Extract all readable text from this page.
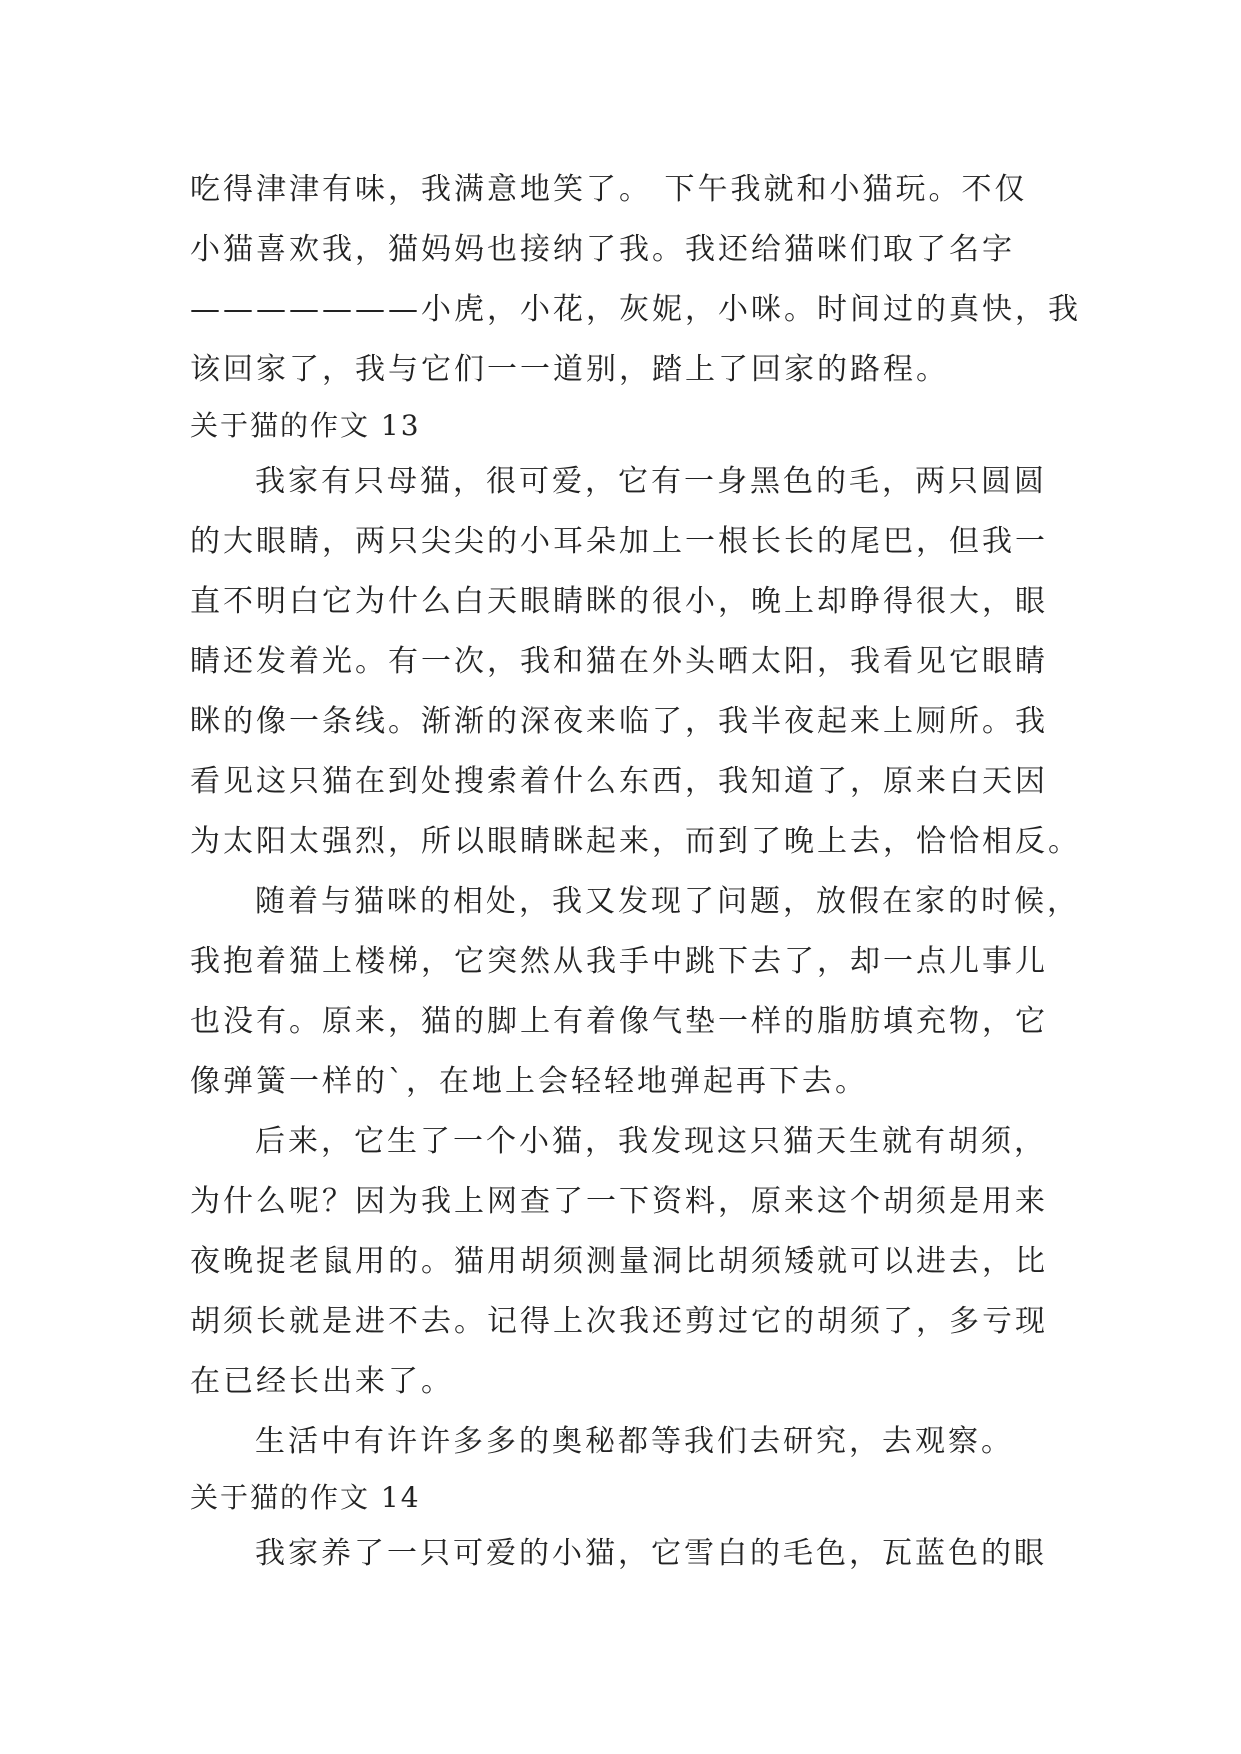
吃得津津有味，我满意地笑了。 下午我就和小猫玩。不仅
小猫喜欢我，猫妈妈也接纳了我。我还给猫咪们取了名字
———————小虎，小花，灰妮，小咪。时间过的真快，我
该回家了，我与它们一一道别，踏上了回家的路程。
关于猫的作文 13
我家有只母猫，很可爱，它有一身黑色的毛，两只圆圆
的大眼睛，两只尖尖的小耳朵加上一根长长的尾巴，但我一
直不明白它为什么白天眼睛眯的很小，晚上却睁得很大，眼
睛还发着光。有一次，我和猫在外头晒太阳，我看见它眼睛
眯的像一条线。渐渐的深夜来临了，我半夜起来上厕所。我
看见这只猫在到处搜索着什么东西，我知道了，原来白天因
为太阳太强烈，所以眼睛眯起来，而到了晚上去，恰恰相反。
随着与猫咪的相处，我又发现了问题，放假在家的时候，
我抱着猫上楼梯，它突然从我手中跳下去了，却一点儿事儿
也没有。原来，猫的脚上有着像气垫一样的脂肪填充物，它
像弹簧一样的`，在地上会轻轻地弹起再下去。
后来，它生了一个小猫，我发现这只猫天生就有胡须，
为什么呢？因为我上网查了一下资料，原来这个胡须是用来
夜晚捉老鼠用的。猫用胡须测量洞比胡须矮就可以进去，比
胡须长就是进不去。记得上次我还剪过它的胡须了，多亏现
在已经长出来了。
生活中有许许多多的奥秘都等我们去研究，去观察。
关于猫的作文 14
我家养了一只可爱的小猫，它雪白的毛色，瓦蓝色的眼
